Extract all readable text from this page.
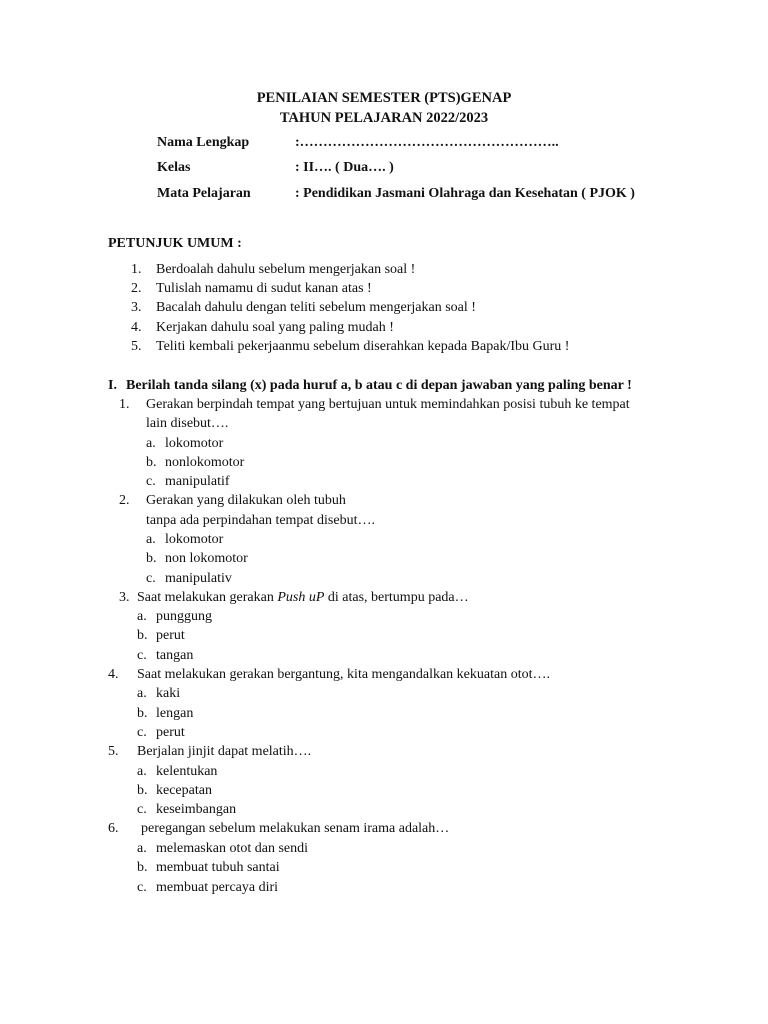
PENILAIAN SEMESTER (PTS)GENAP
TAHUN PELAJARAN 2022/2023
Nama Lengkap	:………………………………………………..
Kelas	: II…. ( Dua…. )
Mata Pelajaran	: Pendidikan Jasmani Olahraga dan Kesehatan ( PJOK )
PETUNJUK UMUM :
1. Berdoalah dahulu sebelum mengerjakan soal !
2. Tulislah namamu di sudut kanan atas !
3. Bacalah dahulu dengan teliti sebelum mengerjakan soal !
4. Kerjakan dahulu soal yang paling mudah !
5. Teliti kembali pekerjaanmu sebelum diserahkan kepada Bapak/Ibu Guru !
I. Berilah tanda silang (x) pada huruf a, b atau c di depan jawaban yang paling benar !
1. Gerakan berpindah tempat yang bertujuan untuk memindahkan posisi tubuh ke tempat
lain disebut….
a. lokomotor
b. nonlokomotor
c. manipulatif
2. Gerakan yang dilakukan oleh tubuh
tanpa ada perpindahan tempat disebut….
a. lokomotor
b. non lokomotor
c. manipulativ
3. Saat melakukan gerakan Push uP di atas, bertumpu pada…
a. punggung
b. perut
c. tangan
4. Saat melakukan gerakan bergantung, kita mengandalkan kekuatan otot….
a. kaki
b. lengan
c. perut
5. Berjalan jinjit dapat melatih….
a. kelentukan
b. kecepatan
c. keseimbangan
6. peregangan sebelum melakukan senam irama adalah…
a. melemaskan otot dan sendi
b. membuat tubuh santai
c. membuat percaya diri
